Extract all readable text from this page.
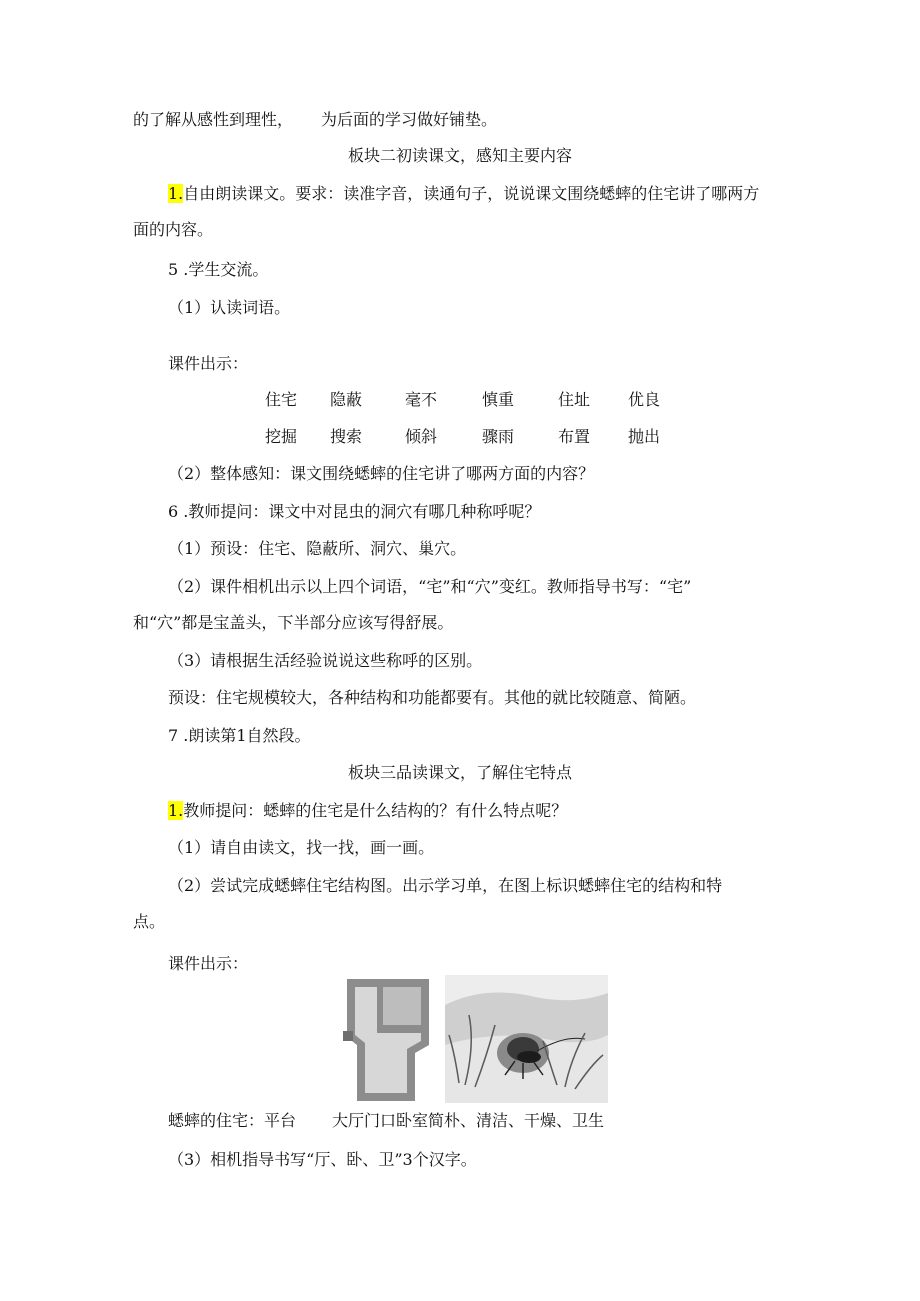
的了解从感性到理性， 为后面的学习做好铺垫。
板块二初读课文，感知主要内容
1.自由朗读课文。要求：读准字音，读通句子，说说课文围绕蟋蟀的住宅讲了哪两方
面的内容。
5 .学生交流。
（1）认读词语。
课件出示：
住宅 隐蔽	毫不	慎重	住址 优良
挖掘 搜索	倾斜	骤雨	布置 抛出
（2）整体感知：课文围绕蟋蟀的住宅讲了哪两方面的内容？
6 .教师提问：课文中对昆虫的洞穴有哪几种称呼呢？
（1）预设：住宅、隐蔽所、洞穴、巢穴。
（2）课件相机出示以上四个词语，“宅”和“穴”变红。教师指导书写：“宅”
和“穴”都是宝盖头，下半部分应该写得舒展。
（3）请根据生活经验说说这些称呼的区别。
预设：住宅规模较大，各种结构和功能都要有。其他的就比较随意、简陋。
7 .朗读第1自然段。
板块三品读课文，了解住宅特点
1.教师提问：蟋蟀的住宅是什么结构的？有什么特点呢？
（1）请自由读文，找一找，画一画。
（2）尝试完成蟋蟀住宅结构图。出示学习单，在图上标识蟋蟀住宅的结构和特
点。
课件出示：
蟋蟀的住宅：平台 大厅门口卧室简朴、清洁、干燥、卫生
（3）相机指导书写“厅、卧、卫”3个汉字。
